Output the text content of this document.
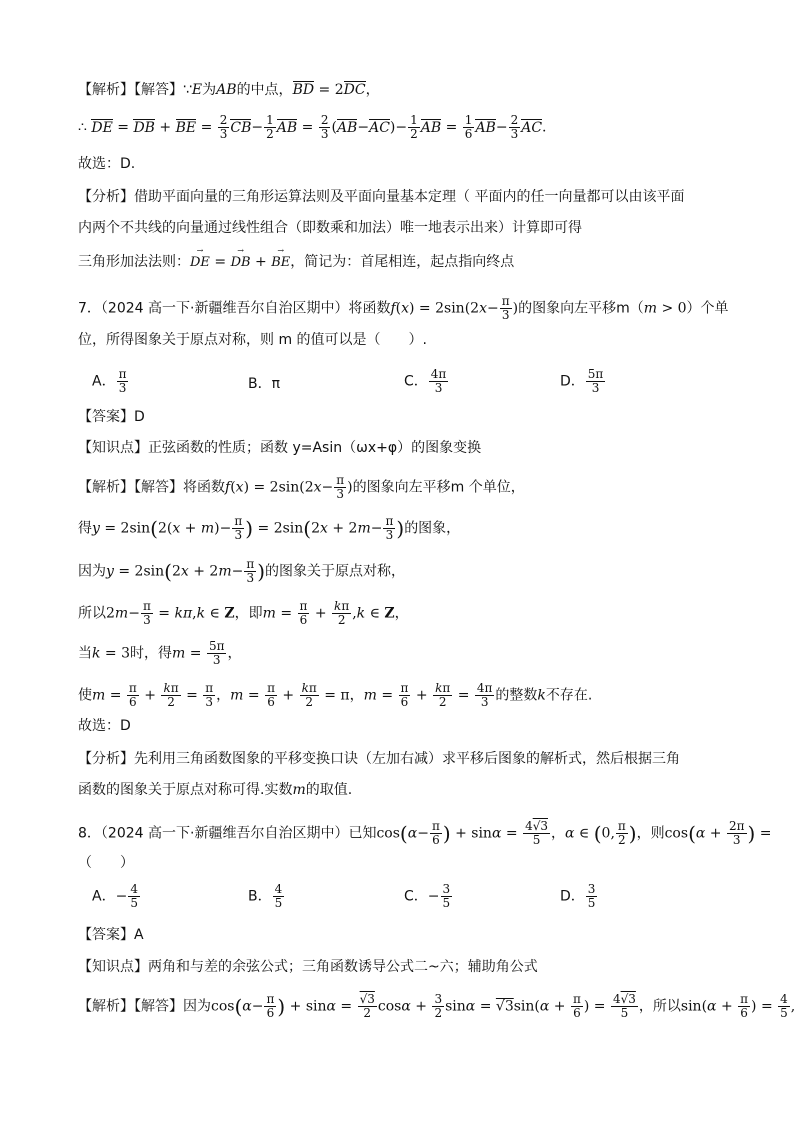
【解析】【解答】∵E为AB的中点，BD = 2DC，
∴ DE = DB + BE = $\frac{2}{3} CB- \frac{1}{2}$ AB = $\frac{2}{3} (AB-AC)- \frac{1}{2}$ AB = $\frac{1}{6} AB- \frac{2}{3}$ AC.
故选：D.
【分析】借助平面向量的三角形运算法则及平面向量基本定理（ 平面内的任一向量都可以由该平面
内两个不共线的向量通过线性组合（即数乘和加法）唯一地表示出来）计算即可得
三角形加法法则：→ DE = → DB + → BE，简记为：首尾相连，起点指向终点
7．（2024 高一下·新疆维吾尔自治区期中）将函数$f(x) = 2\sin(2x- \frac{\pi}{3}$ )的图象向左平移m（m > 0）个单
位，所得图象关于原点对称，则 m 的值可以是（　　）.
A． $\frac{\pi}{3}$	B．π	C． $\frac{4\pi}{3}$	D． $\frac{5\pi}{3}$
【答案】D
【知识点】正弦函数的性质；函数 y=Asin（ωx+φ）的图象变换
【解析】【解答】将函数$f(x) = 2\sin(2x- \frac{\pi}{3}$ )的图象向左平移m 个单位，
得$y = 2\sin(2(x + m)- \frac{\pi}{3}$ ) = $2\sin(2x + 2m- \frac{\pi}{3}$ )的图象，
因为$y = 2\sin(2x + 2m- \frac{\pi}{3}$ )的图象关于原点对称，
所以$2m- \frac{\pi}{3} = k\pi,k$ ∈ Z，即$m = \frac{\pi}{6} + \frac{k\pi}{2} ,k$ ∈ Z，
当k = 3时，得$m = \frac{5\pi}{3}$ ，
使$m = \frac{\pi}{6} + \frac{k\pi}{2} = \frac{\pi}{3}$ ，$m = \frac{\pi}{6} + \frac{k\pi}{2} = \pi$，$m = \frac{\pi}{6} + \frac{k\pi}{2} = \frac{4\pi}{3}$ 的整数k不存在.
故选：D
【分析】先利用三角函数图象的平移变换口诀（左加右减）求平移后图象的解析式，然后根据三角
函数的图象关于原点对称可得.实数m的取值.
8．（2024 高一下·新疆维吾尔自治区期中）已知$\cos(\alpha- \frac{\pi}{6}$ ) + $\sin\alpha = \frac{4√3}{5}$ ，α ∈ (0, $\frac{\pi}{2}$ )，则$\cos(\alpha + \frac{2\pi}{3}$ ) =
（　　）
A．− $\frac{4}{5}$	B． $\frac{4}{5}$	C．− $\frac{3}{5}$	D． $\frac{3}{5}$
【答案】A
【知识点】两角和与差的余弦公式；三角函数诱导公式二~六；辅助角公式
【解析】【解答】因为$\cos(\alpha- \frac{\pi}{6}$ ) + $\sin\alpha = \frac{√3}{2}$ $\cos\alpha + \frac{3}{2}$ $\sin\alpha = √3\sin(\alpha + \frac{\pi}{6}$ ) = $\frac{4√3}{5}$ ，所以$\sin(\alpha + \frac{\pi}{6}$ ) = $\frac{4}{5}$ ,
